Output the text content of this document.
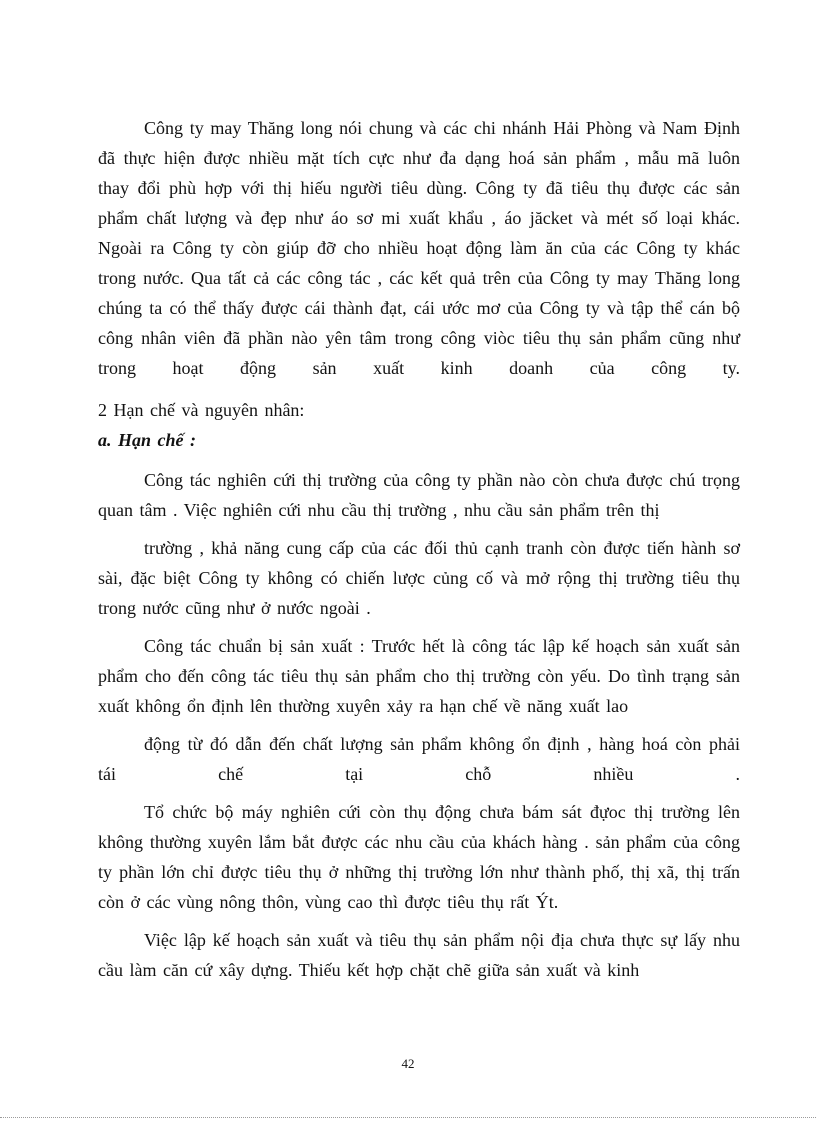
Công ty may Thăng long nói chung và các chi nhánh Hải Phòng và Nam Định đã thực hiện được nhiều mặt tích cực như đa dạng hoá sản phẩm , mẫu mã luôn thay đổi phù hợp với thị hiếu người tiêu dùng. Công ty đã tiêu thụ được các sản phẩm chất lượng và đẹp như áo sơ mi xuất khẩu , áo jăcket và mét số loại khác. Ngoài ra Công ty còn giúp đỡ cho nhiều hoạt động làm ăn của các Công ty khác trong nước. Qua tất cả các công tác , các kết quả trên của Công ty may Thăng long chúng ta có thể thấy được cái thành đạt, cái ước mơ của Công ty và tập thể cán bộ công nhân viên đã phần nào yên tâm trong công viòc tiêu thụ sản phẩm cũng như trong hoạt động sản xuất kinh doanh của công ty.

2 Hạn chế và nguyên nhân:

a. Hạn chế :

Công tác nghiên cứi thị trường của công ty phần nào còn chưa được chú trọng quan tâm . Việc nghiên cứi nhu cầu thị trường , nhu cầu sản phẩm trên thị

trường , khả năng cung cấp của các đối thủ cạnh tranh còn được tiến hành sơ sài, đặc biệt Công ty không có chiến lược củng cố và mở rộng thị trường tiêu thụ trong nước cũng như ở nước ngoài .

Công tác chuẩn bị sản xuất : Trước hết là công tác lập kế hoạch sản xuất sản phẩm cho đến công tác tiêu thụ sản phẩm cho thị trường còn yếu. Do tình trạng sản xuất không ổn định lên thường xuyên xảy ra hạn chế về năng xuất lao

động từ đó dẫn đến chất lượng sản phẩm không ổn định , hàng hoá còn phải tái chế tại chỗ nhiều .

Tổ chức bộ máy nghiên cứi còn thụ động chưa bám sát đựoc thị trường lên không thường xuyên lắm bắt được các nhu cầu của khách hàng . sản phẩm của công ty phần lớn chỉ được tiêu thụ ở những thị trường lớn như thành phố, thị xã, thị trấn còn ở các vùng nông thôn, vùng cao thì được tiêu thụ rất Ýt.

Việc lập kế hoạch sản xuất và tiêu thụ sản phẩm nội địa chưa thực sự lấy nhu cầu làm căn cứ xây dựng. Thiếu kết hợp chặt chẽ giữa sản xuất và kinh

42
